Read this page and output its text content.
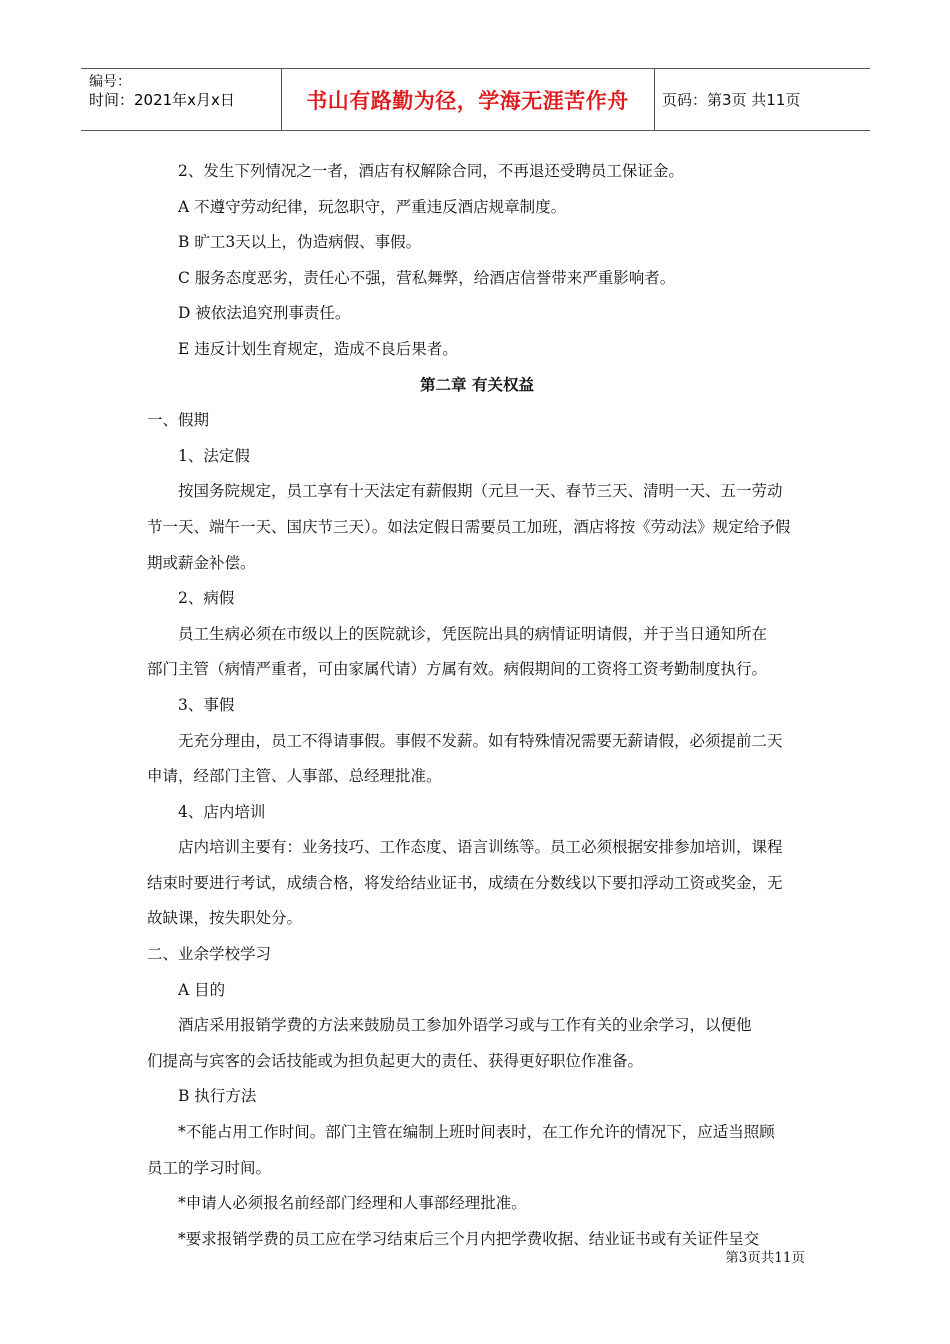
编号：
时间：2021年x月x日	书山有路勤为径，学海无涯苦作舟 页码：第3页 共11页

2、发生下列情况之一者，酒店有权解除合同，不再退还受聘员工保证金。

A 不遵守劳动纪律，玩忽职守，严重违反酒店规章制度。

B 旷工3天以上，伪造病假、事假。

C 服务态度恶劣，责任心不强，营私舞弊，给酒店信誉带来严重影响者。

D 被依法追究刑事责任。

E 违反计划生育规定，造成不良后果者。

第二章 有关权益

一、假期

1、法定假

按国务院规定，员工享有十天法定有薪假期（元旦一天、春节三天、清明一天、五一劳动

节一天、端午一天、国庆节三天）。如法定假日需要员工加班，酒店将按《劳动法》规定给予假

期或薪金补偿。

2、病假

员工生病必须在市级以上的医院就诊，凭医院出具的病情证明请假，并于当日通知所在

部门主管（病情严重者，可由家属代请）方属有效。病假期间的工资将工资考勤制度执行。

3、事假

无充分理由，员工不得请事假。事假不发薪。如有特殊情况需要无薪请假，必须提前二天

申请，经部门主管、人事部、总经理批准。

4、店内培训

店内培训主要有：业务技巧、工作态度、语言训练等。员工必须根据安排参加培训，课程

结束时要进行考试，成绩合格，将发给结业证书，成绩在分数线以下要扣浮动工资或奖金，无

故缺课，按失职处分。

二、业余学校学习

A 目的

酒店采用报销学费的方法来鼓励员工参加外语学习或与工作有关的业余学习，以便他

们提高与宾客的会话技能或为担负起更大的责任、获得更好职位作准备。

B 执行方法

*不能占用工作时间。部门主管在编制上班时间表时，在工作允许的情况下，应适当照顾

员工的学习时间。

*申请人必须报名前经部门经理和人事部经理批准。

*要求报销学费的员工应在学习结束后三个月内把学费收据、结业证书或有关证件呈交

第3页共11页
